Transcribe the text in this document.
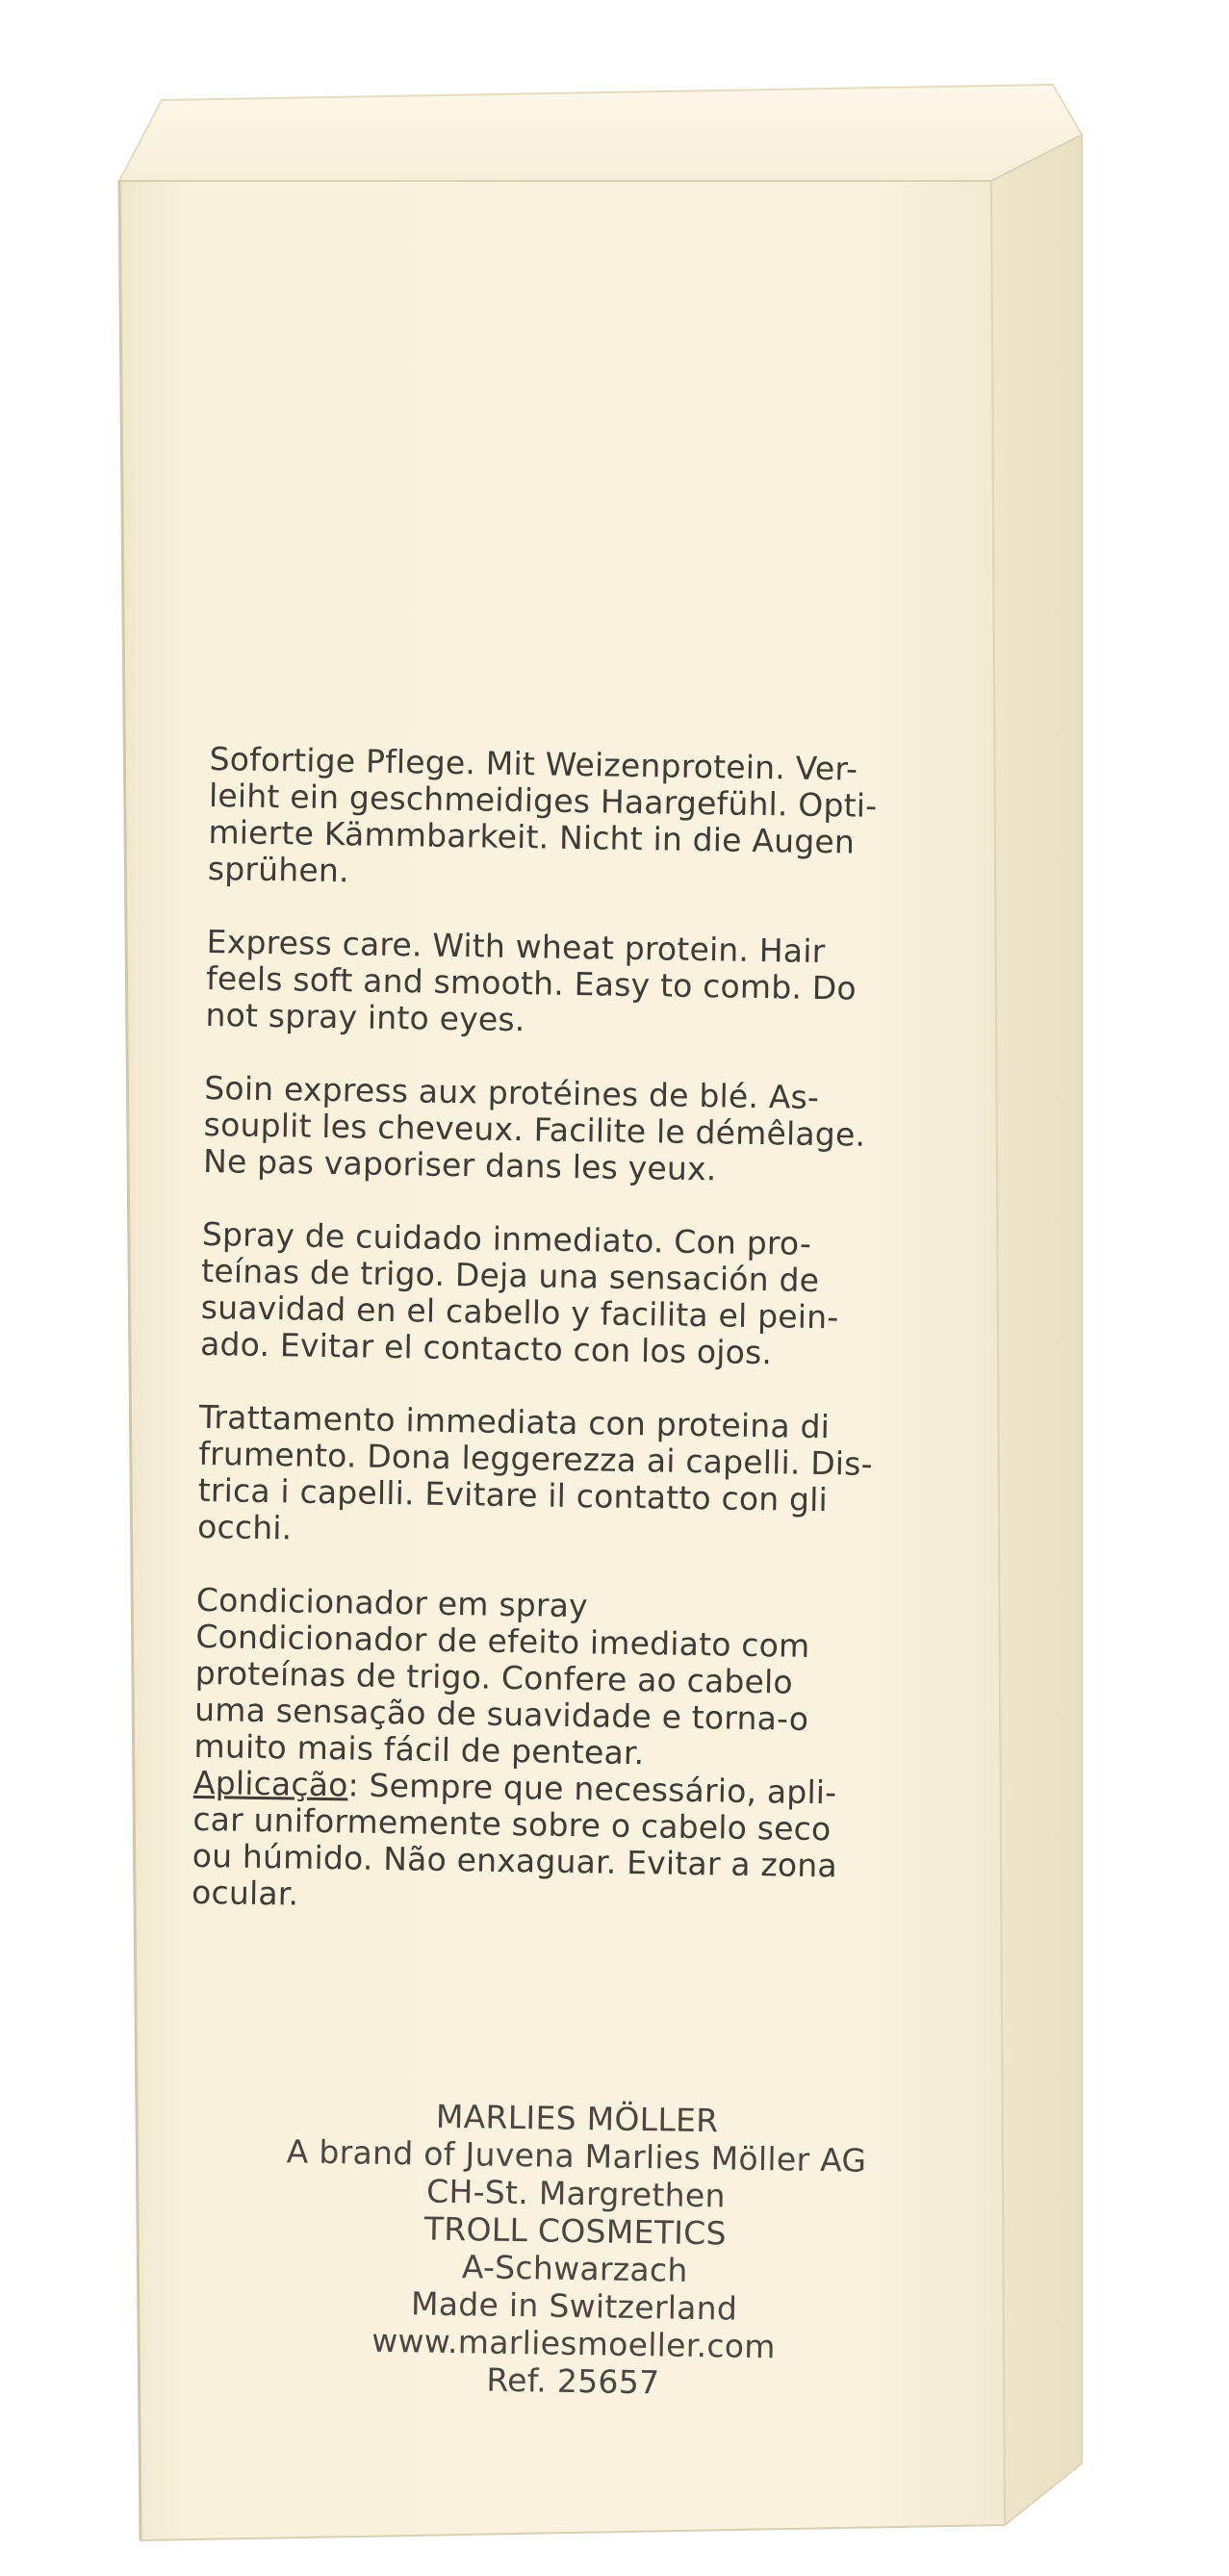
Sofortige Pflege. Mit Weizenprotein. Ver-
leiht ein geschmeidiges Haargefühl. Opti-
mierte Kämmbarkeit. Nicht in die Augen
sprühen.

Express care. With wheat protein. Hair
feels soft and smooth. Easy to comb. Do
not spray into eyes.

Soin express aux protéines de blé. As-
souplit les cheveux. Facilite le démêlage.
Ne pas vaporiser dans les yeux.

Spray de cuidado inmediato. Con pro-
teínas de trigo. Deja una sensación de
suavidad en el cabello y facilita el pein-
ado. Evitar el contacto con los ojos.

Trattamento immediata con proteina di
frumento. Dona leggerezza ai capelli. Dis-
trica i capelli. Evitare il contatto con gli
occhi.

Condicionador em spray
Condicionador de efeito imediato com
proteínas de trigo. Confere ao cabelo
uma sensação de suavidade e torna-o
muito mais fácil de pentear.
Aplicação: Sempre que necessário, apli-
car uniformemente sobre o cabelo seco
ou húmido. Não enxaguar. Evitar a zona
ocular.

MARLIES MÖLLER
A brand of Juvena Marlies Möller AG
CH-St. Margrethen
TROLL COSMETICS
A-Schwarzach
Made in Switzerland
www.marliesmoeller.com
Ref. 25657
